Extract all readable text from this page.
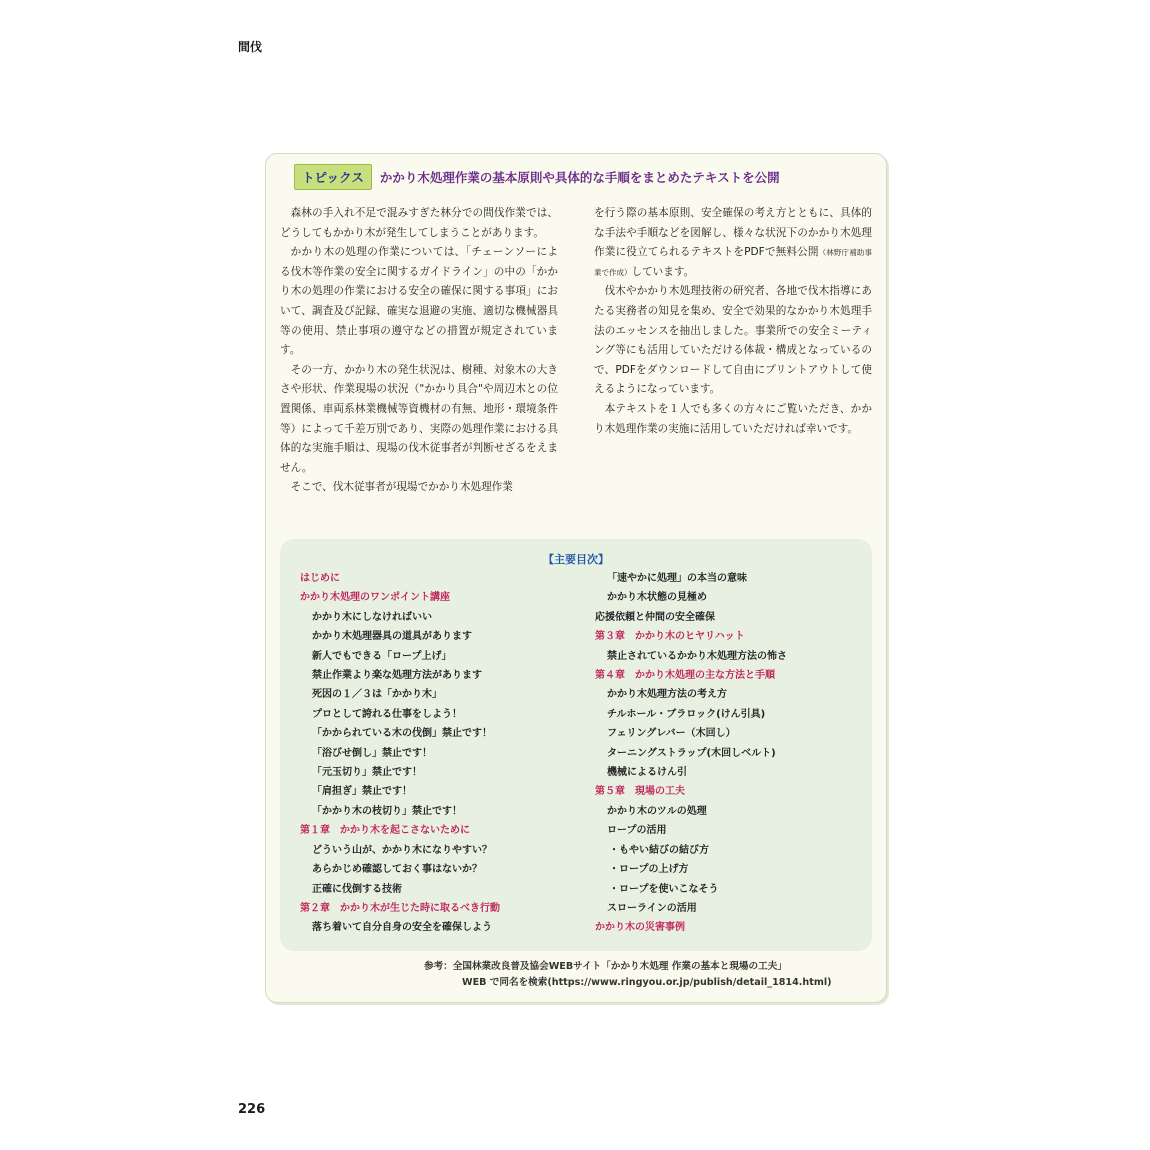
間伐
トピックス	かかり木処理作業の基本原則や具体的な手順をまとめたテキストを公開

森林の手入れ不足で混みすぎた林分での間伐作業では、どうしてもかかり木が発生してしまうことがあります。

かかり木の処理の作業については、「チェーンソーによる伐木等作業の安全に関するガイドライン」の中の「かかり木の処理の作業における安全の確保に関する事項」において、調査及び記録、確実な退避の実施、適切な機械器具等の使用、禁止事項の遵守などの措置が規定されています。

その一方、かかり木の発生状況は、樹種、対象木の大きさや形状、作業現場の状況（"かかり具合"や周辺木との位置関係、車両系林業機械等資機材の有無、地形・環境条件等）によって千差万別であり、実際の処理作業における具体的な実施手順は、現場の伐木従事者が判断せざるをえません。

そこで、伐木従事者が現場でかかり木処理作業

を行う際の基本原則、安全確保の考え方とともに、具体的な手法や手順などを図解し、様々な状況下のかかり木処理作業に役立てられるテキストをPDFで無料公開（林野庁補助事業で作成）しています。

伐木やかかり木処理技術の研究者、各地で伐木指導にあたる実務者の知見を集め、安全で効果的なかかり木処理手法のエッセンスを抽出しました。事業所での安全ミーティング等にも活用していただける体裁・構成となっているので、PDFをダウンロードして自由にプリントアウトして使えるようになっています。

本テキストを１人でも多くの方々にご覧いただき、かかり木処理作業の実施に活用していただければ幸いです。

【主要目次】
はじめに
かかり木処理のワンポイント講座
かかり木にしなければいい
かかり木処理器具の道具があります
新人でもできる「ロープ上げ」
禁止作業より楽な処理方法があります
死因の１／３は「かかり木」
プロとして誇れる仕事をしよう！
「かかられている木の伐倒」禁止です！
「浴びせ倒し」禁止です！
「元玉切り」禁止です！
「肩担ぎ」禁止です！
「かかり木の枝切り」禁止です！
第１章　かかり木を起こさないために
どういう山が、かかり木になりやすい？
あらかじめ確認しておく事はないか？
正確に伐倒する技術
第２章　かかり木が生じた時に取るべき行動
落ち着いて自分自身の安全を確保しよう
「速やかに処理」の本当の意味
かかり木状態の見極め
応援依頼と仲間の安全確保
第３章　かかり木のヒヤリハット
禁止されているかかり木処理方法の怖さ
第４章　かかり木処理の主な方法と手順
かかり木処理方法の考え方
チルホール・ブラロック(けん引具)
フェリングレバー（木回し）
ターニングストラップ(木回しベルト)
機械によるけん引
第５章　現場の工夫
かかり木のツルの処理
ロープの活用
・もやい結びの結び方
・ロープの上げ方
・ロープを使いこなそう
スローラインの活用
かかり木の災害事例
参考：全国林業改良普及協会WEBサイト「かかり木処理 作業の基本と現場の工夫」
WEB で同名を検索(https://www.ringyou.or.jp/publish/detail_1814.html)
226
